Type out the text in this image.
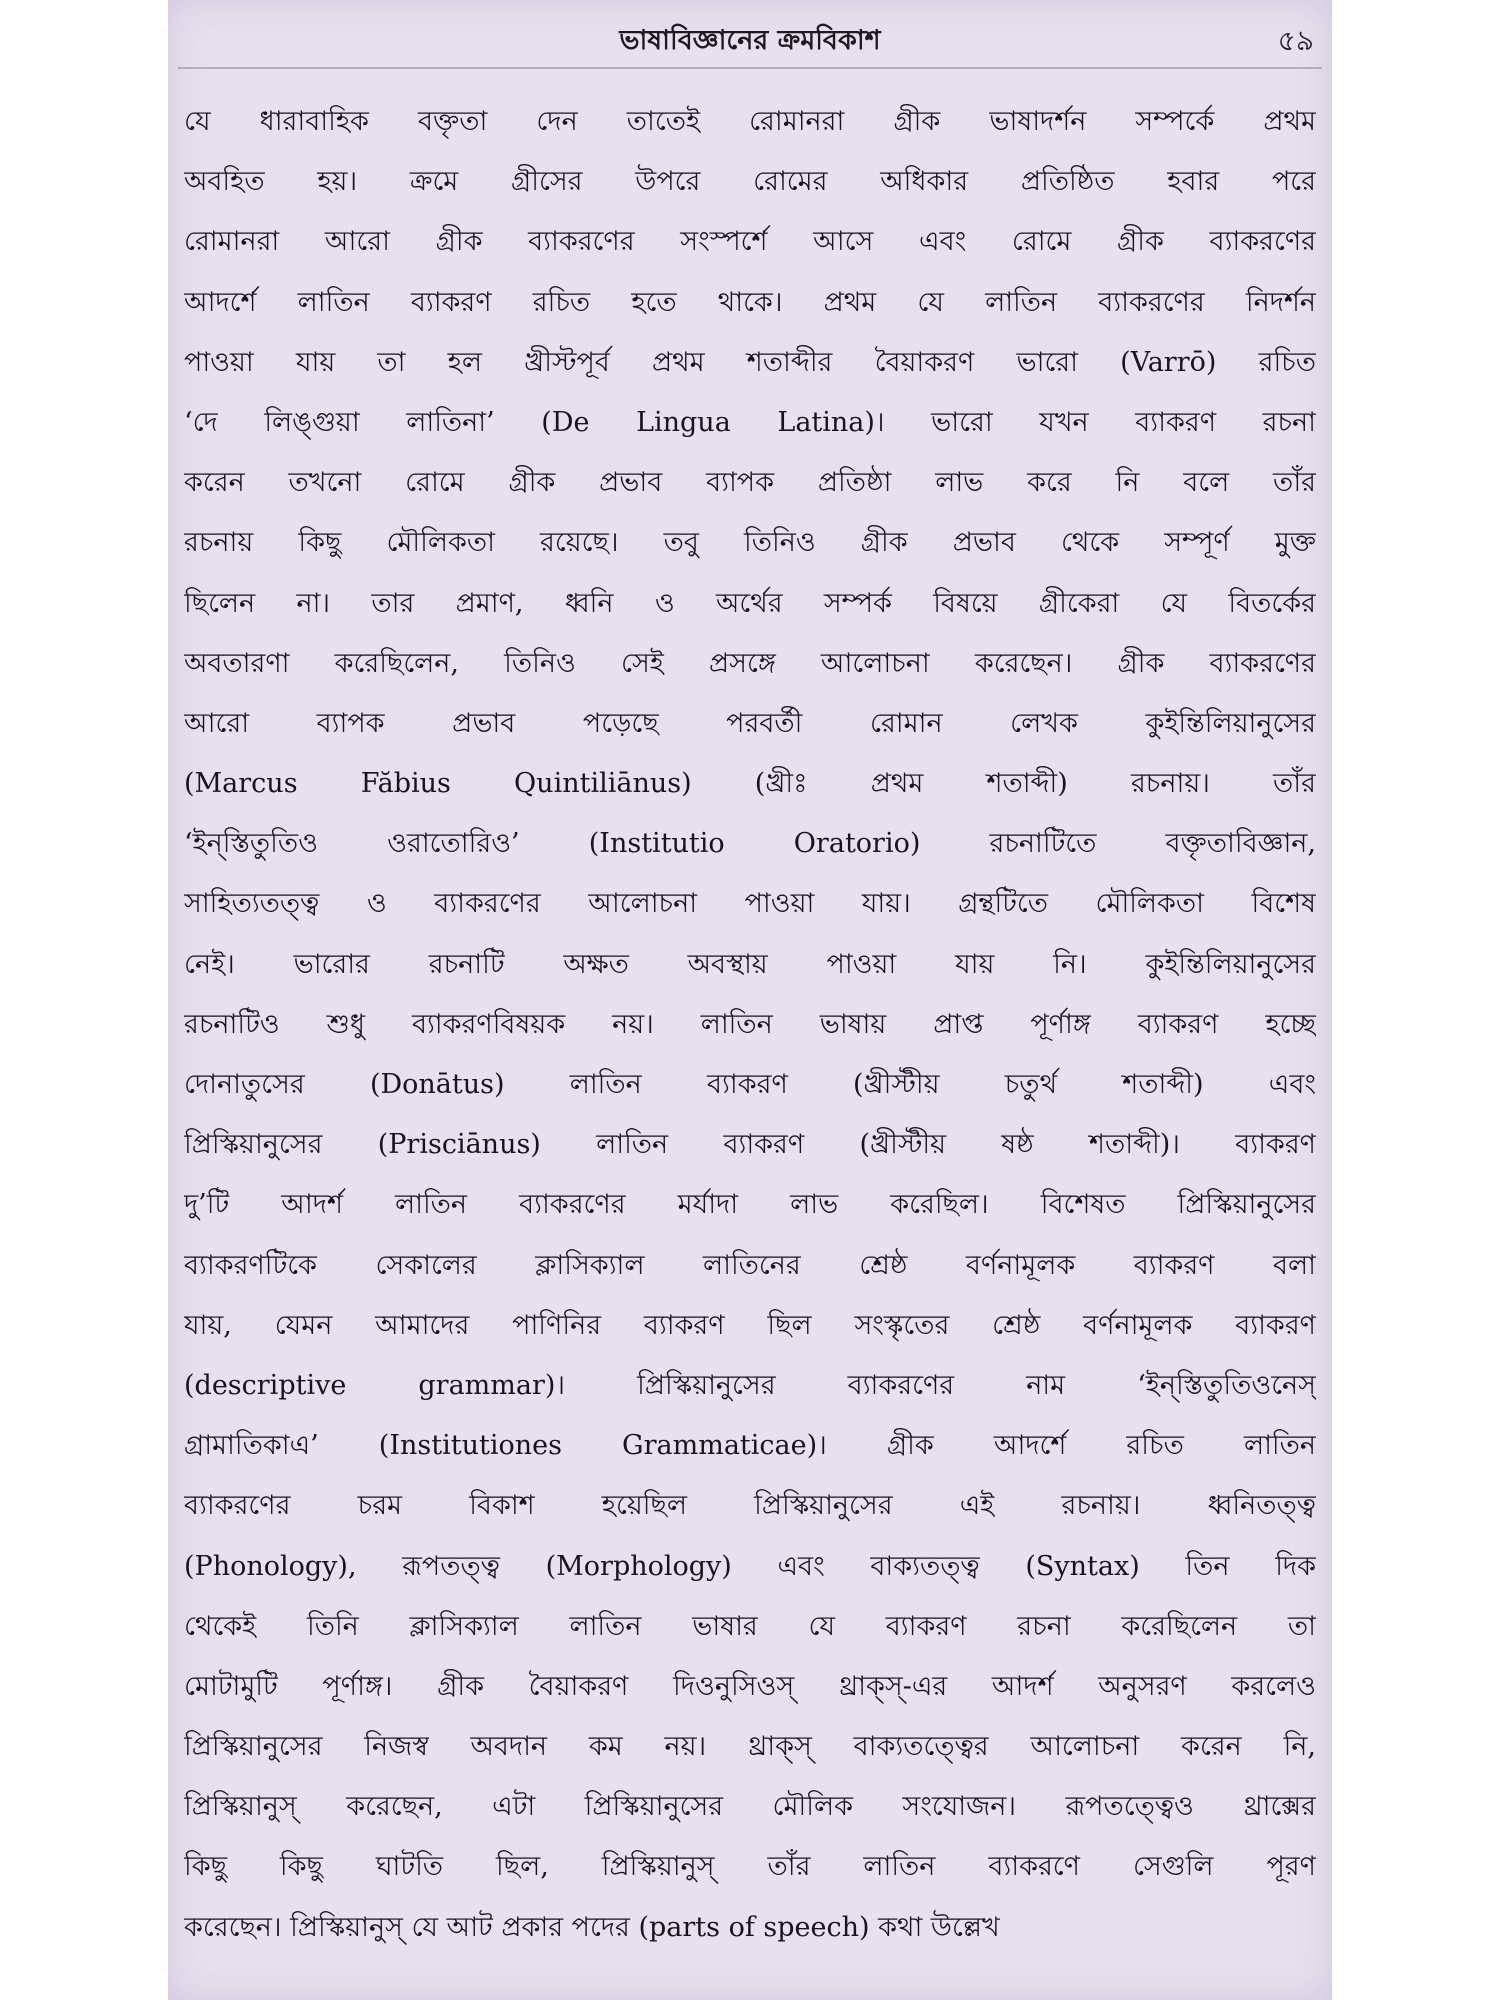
ভাষাবিজ্ঞানের ক্রমবিকাশ	৫৯
যে ধারাবাহিক বক্তৃতা দেন তাতেই রোমানরা গ্রীক ভাষাদর্শন সম্পর্কে প্রথম
অবহিত হয়। ক্রমে গ্রীসের উপরে রোমের অধিকার প্রতিষ্ঠিত হবার পরে
রোমানরা আরো গ্রীক ব্যাকরণের সংস্পর্শে আসে এবং রোমে গ্রীক ব্যাকরণের
আদর্শে লাতিন ব্যাকরণ রচিত হতে থাকে। প্রথম যে লাতিন ব্যাকরণের নিদর্শন
পাওয়া যায় তা হল খ্রীস্টপূর্ব প্রথম শতাব্দীর বৈয়াকরণ ভারো (Varrō) রচিত
‘দে লিঙ্গুয়া লাতিনা’ (De Lingua Latina)। ভারো যখন ব্যাকরণ রচনা
করেন তখনো রোমে গ্রীক প্রভাব ব্যাপক প্রতিষ্ঠা লাভ করে নি বলে তাঁর
রচনায় কিছু মৌলিকতা রয়েছে। তবু তিনিও গ্রীক প্রভাব থেকে সম্পূর্ণ মুক্ত
ছিলেন না। তার প্রমাণ, ধ্বনি ও অর্থের সম্পর্ক বিষয়ে গ্রীকেরা যে বিতর্কের
অবতারণা করেছিলেন, তিনিও সেই প্রসঙ্গে আলোচনা করেছেন। গ্রীক ব্যাকরণের
আরো ব্যাপক প্রভাব পড়েছে পরবর্তী রোমান লেখক কুইন্তিলিয়ানুসের
(Marcus Făbius Quintiliānus) (খ্রীঃ প্রথম শতাব্দী) রচনায়। তাঁর
‘ইন্‌স্তিতুতিও ওরাতোরিও’ (Institutio Oratorio) রচনাটিতে বক্তৃতাবিজ্ঞান,
সাহিত্যতত্ত্ব ও ব্যাকরণের আলোচনা পাওয়া যায়। গ্রন্থটিতে মৌলিকতা বিশেষ
নেই। ভারোর রচনাটি অক্ষত অবস্থায় পাওয়া যায় নি। কুইন্তিলিয়ানুসের
রচনাটিও শুধু ব্যাকরণবিষয়ক নয়। লাতিন ভাষায় প্রাপ্ত পূর্ণাঙ্গ ব্যাকরণ হচ্ছে
দোনাতুসের (Donātus) লাতিন ব্যাকরণ (খ্রীস্টীয় চতুর্থ শতাব্দী) এবং
প্রিস্কিয়ানুসের (Prisciānus) লাতিন ব্যাকরণ (খ্রীস্টীয় ষষ্ঠ শতাব্দী)। ব্যাকরণ
দু’টি আদর্শ লাতিন ব্যাকরণের মর্যাদা লাভ করেছিল। বিশেষত প্রিস্কিয়ানুসের
ব্যাকরণটিকে সেকালের ক্লাসিক্যাল লাতিনের শ্রেষ্ঠ বর্ণনামূলক ব্যাকরণ বলা
যায়, যেমন আমাদের পাণিনির ব্যাকরণ ছিল সংস্কৃতের শ্রেষ্ঠ বর্ণনামূলক ব্যাকরণ
(descriptive grammar)। প্রিস্কিয়ানুসের ব্যাকরণের নাম ‘ইন্‌স্তিতুতিওনেস্‌
গ্রামাতিকাএ’ (Institutiones Grammaticae)। গ্রীক আদর্শে রচিত লাতিন
ব্যাকরণের চরম বিকাশ হয়েছিল প্রিস্কিয়ানুসের এই রচনায়। ধ্বনিতত্ত্ব
(Phonology), রূপতত্ত্ব (Morphology) এবং বাক্যতত্ত্ব (Syntax) তিন দিক
থেকেই তিনি ক্লাসিক্যাল লাতিন ভাষার যে ব্যাকরণ রচনা করেছিলেন তা
মোটামুটি পূর্ণাঙ্গ। গ্রীক বৈয়াকরণ দিওনুসিওস্‌ থ্রাক্স্‌-এর আদর্শ অনুসরণ করলেও
প্রিস্কিয়ানুসের নিজস্ব অবদান কম নয়। থ্রাক্স্‌ বাক্যতত্ত্বের আলোচনা করেন নি,
প্রিস্কিয়ানুস্‌ করেছেন, এটা প্রিস্কিয়ানুসের মৌলিক সংযোজন। রূপতত্ত্বেও থ্রাক্সের
কিছু কিছু ঘাটতি ছিল, প্রিস্কিয়ানুস্‌ তাঁর লাতিন ব্যাকরণে সেগুলি পূরণ
করেছেন। প্রিস্কিয়ানুস্‌ যে আট প্রকার পদের (parts of speech) কথা উল্লেখ
